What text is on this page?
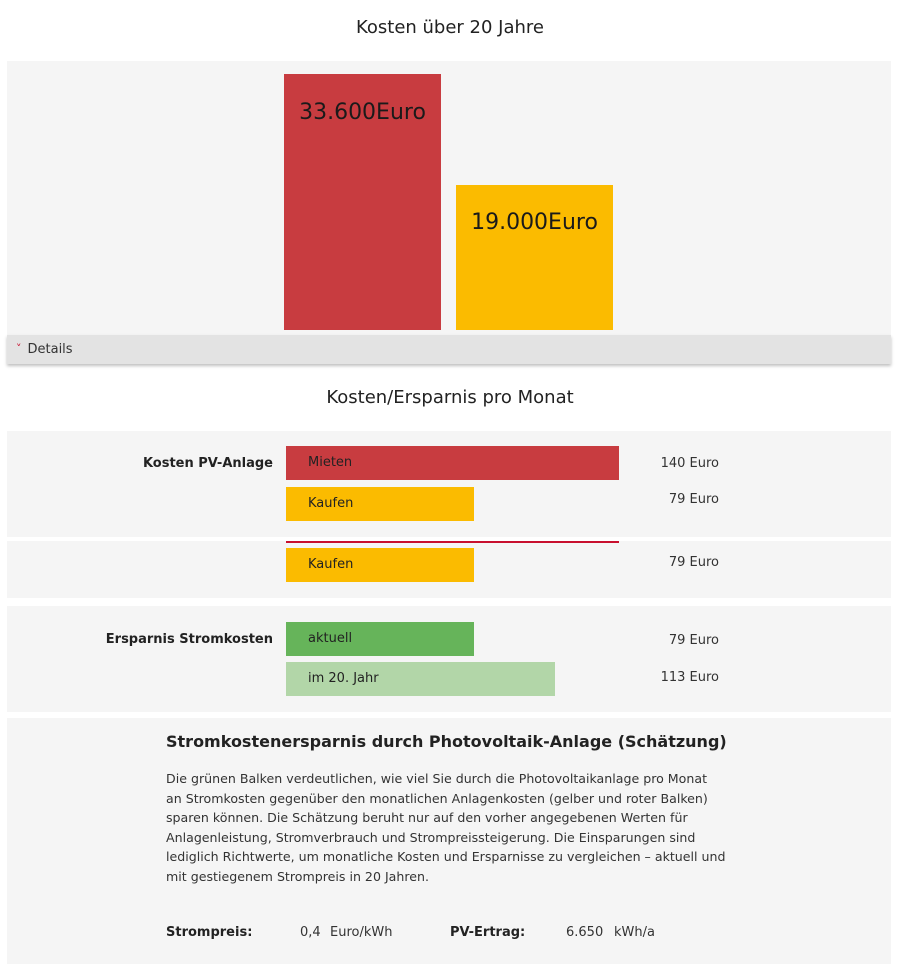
Kosten über 20 Jahre
33.600Euro
19.000Euro
˅ Details
Kosten/Ersparnis pro Monat
Kosten PV-Anlage	Mieten	140 Euro
Kaufen	79 Euro
Kaufen	79 Euro
Ersparnis Stromkosten	aktuell	79 Euro
im 20. Jahr	113 Euro
Stromkostenersparnis durch Photovoltaik-Anlage (Schätzung)

Die grünen Balken verdeutlichen, wie viel Sie durch die Photovoltaikanlage pro Monat an Stromkosten gegenüber den monatlichen Anlagenkosten (gelber und roter Balken) sparen können. Die Schätzung beruht nur auf den vorher angegebenen Werten für Anlagenleistung, Stromverbrauch und Strompreissteigerung. Die Einsparungen sind lediglich Richtwerte, um monatliche Kosten und Ersparnisse zu vergleichen – aktuell und mit gestiegenem Strompreis in 20 Jahren.

Strompreis:	0,4 Euro/kWh	PV-Ertrag:	6.650 kWh/a
